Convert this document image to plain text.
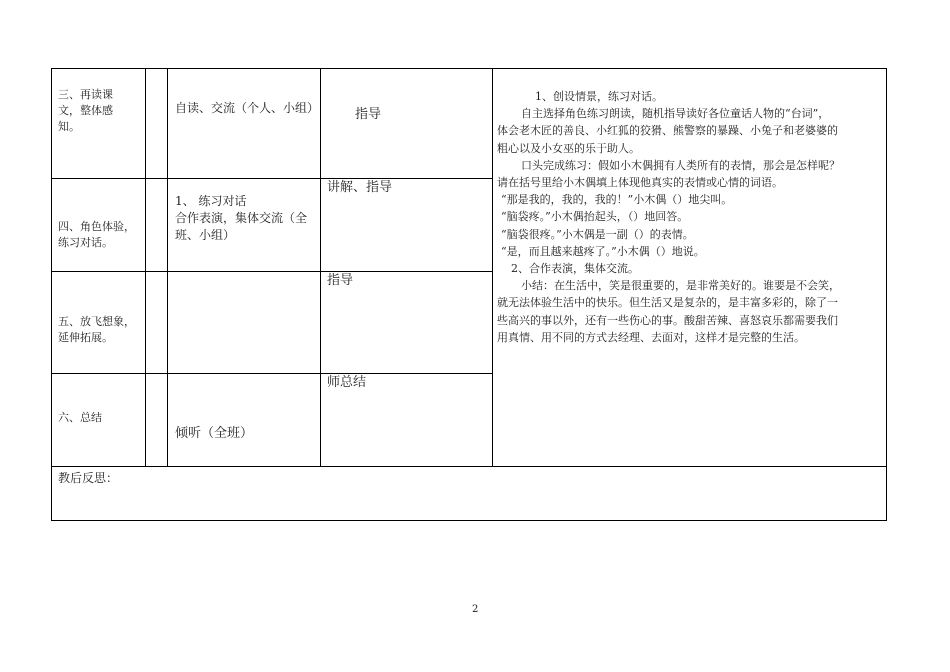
三、再读课
文，整体感
知。
自读、交流（个人、小组）	指导
四、角色体验，
练习对话。
1、 练习对话
合作表演，集体交流（全
班、小组）
讲解、指导
五、放飞想象，
延伸拓展。
指导
六、总结
倾听（全班）
师总结
1、创设情景，练习对话。
自主选择角色练习朗读，随机指导读好各位童话人物的“台词”，
体会老木匠的善良、小红狐的狡猾、熊警察的暴躁、小兔子和老婆婆的
粗心以及小女巫的乐于助人。
口头完成练习：假如小木偶拥有人类所有的表情，那会是怎样呢？
请在括号里给小木偶填上体现他真实的表情或心情的词语。
“那是我的，我的，我的！”小木偶（）地尖叫。
“脑袋疼。”小木偶抬起头，（）地回答。
“脑袋很疼。”小木偶是一副（）的表情。
“是，而且越来越疼了。”小木偶（）地说。
2、合作表演，集体交流。
小结：在生活中，笑是很重要的，是非常美好的。谁要是不会笑，
就无法体验生活中的快乐。但生活又是复杂的，是丰富多彩的，除了一
些高兴的事以外，还有一些伤心的事。酸甜苦辣、喜怒哀乐都需要我们
用真情、用不同的方式去经理、去面对，这样才是完整的生活。
教后反思：
2
